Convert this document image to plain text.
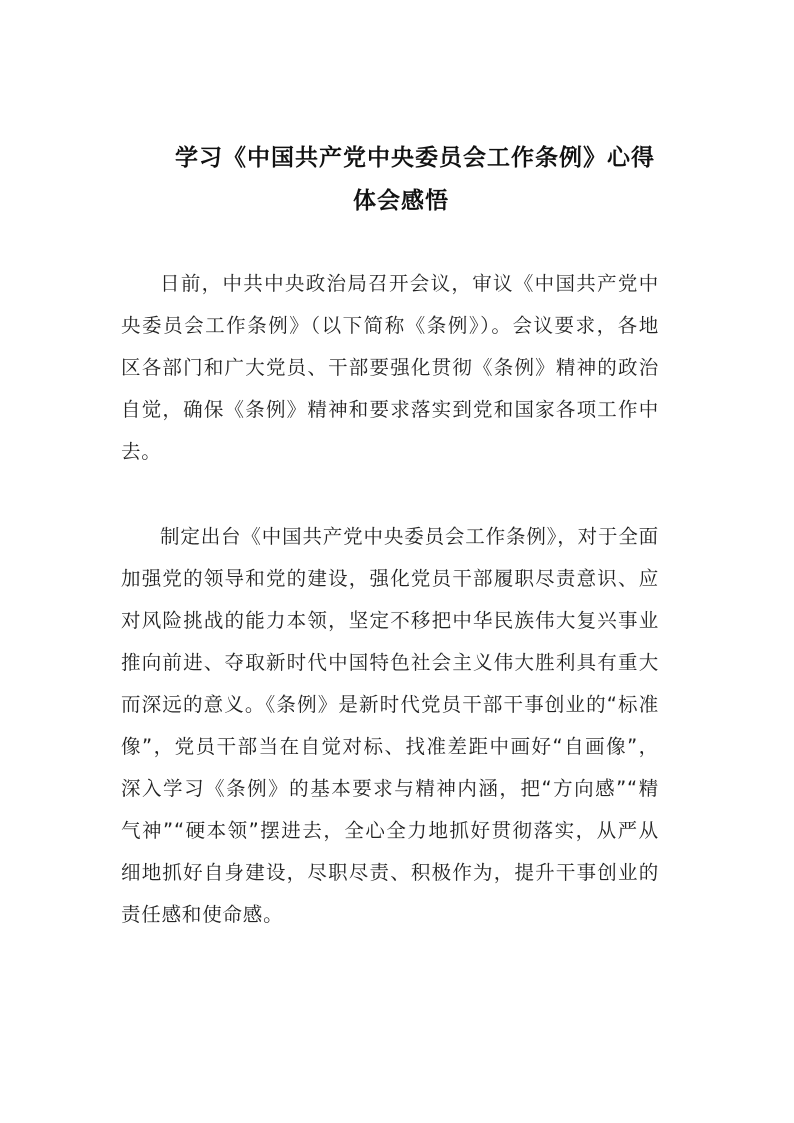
学习《中国共产党中央委员会工作条例》心得
体会感悟

日前，中共中央政治局召开会议，审议《中国共产党中央委员会工作条例》（以下简称《条例》）。会议要求，各地区各部门和广大党员、干部要强化贯彻《条例》精神的政治自觉，确保《条例》精神和要求落实到党和国家各项工作中去。

制定出台《中国共产党中央委员会工作条例》，对于全面加强党的领导和党的建设，强化党员干部履职尽责意识、应对风险挑战的能力本领，坚定不移把中华民族伟大复兴事业推向前进、夺取新时代中国特色社会主义伟大胜利具有重大而深远的意义。《条例》是新时代党员干部干事创业的“标准像”，党员干部当在自觉对标、找准差距中画好“自画像”，深入学习《条例》的基本要求与精神内涵，把“方向感”“精气神”“硬本领”摆进去，全心全力地抓好贯彻落实，从严从细地抓好自身建设，尽职尽责、积极作为，提升干事创业的责任感和使命感。
